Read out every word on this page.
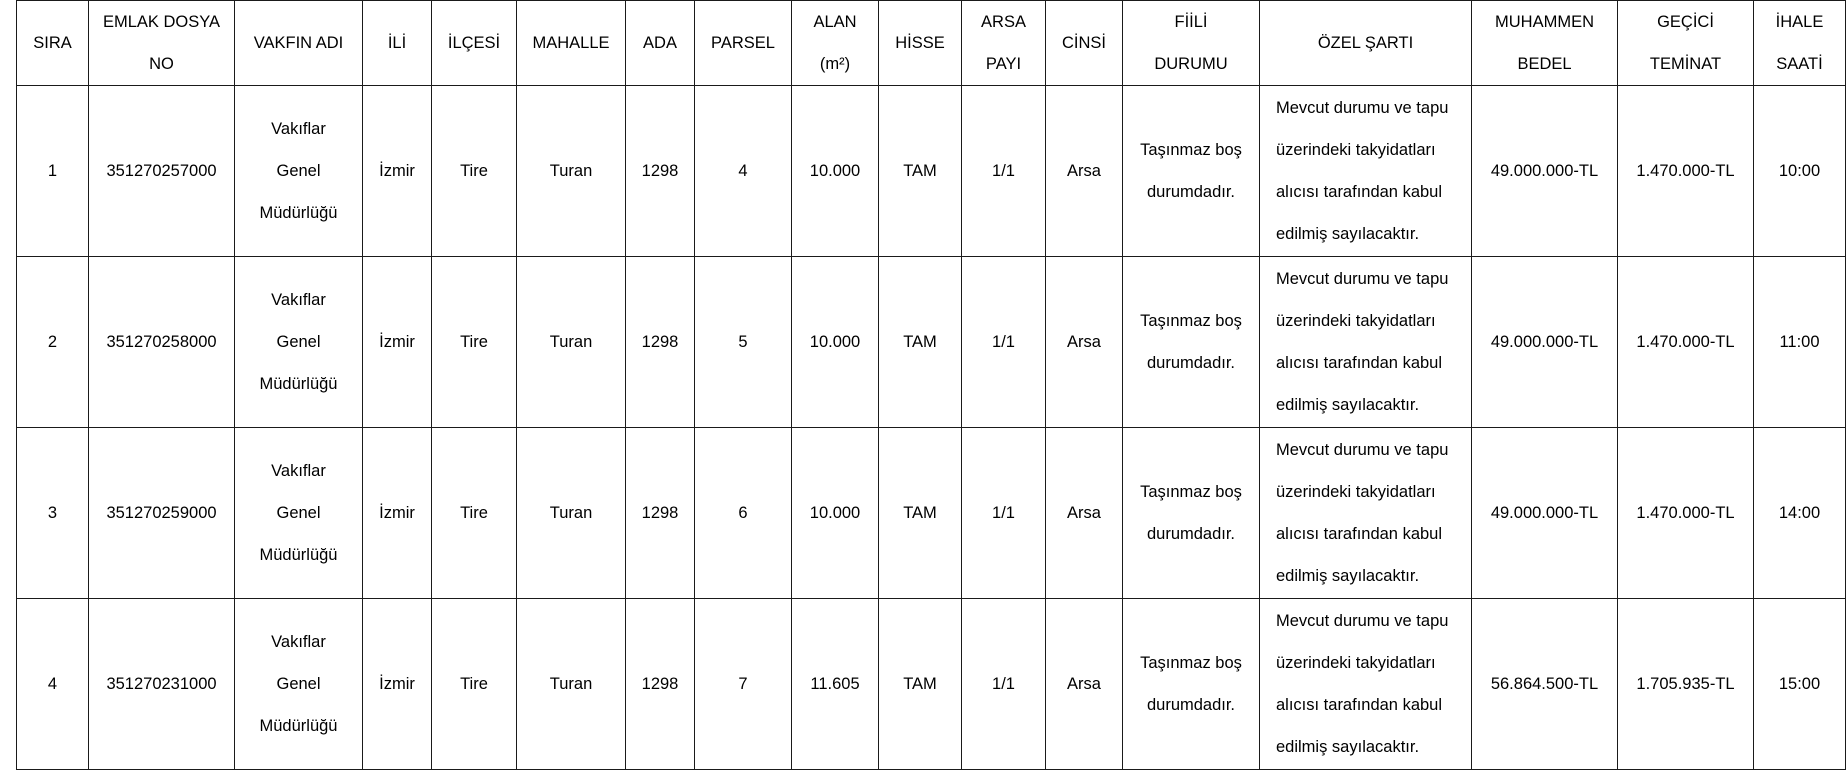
SIRA	EMLAK DOSYA
NO	VAKFIN ADI	İLİ	İLÇESİ	MAHALLE	ADA	PARSEL	ALAN
(m²)	HİSSE	ARSA
PAYI	CİNSİ	FİİLİ
DURUMU	ÖZEL ŞARTI	MUHAMMEN
BEDEL	GEÇİCİ
TEMİNAT	İHALE
SAATİ
1	351270257000	Vakıflar
Genel
Müdürlüğü	İzmir	Tire	Turan	1298	4	10.000	TAM	1/1	Arsa	Taşınmaz boş
durumdadır.	Mevcut durumu ve tapu
üzerindeki takyidatları
alıcısı tarafından kabul
edilmiş sayılacaktır.	49.000.000-TL	1.470.000-TL	10:00
2	351270258000	Vakıflar
Genel
Müdürlüğü	İzmir	Tire	Turan	1298	5	10.000	TAM	1/1	Arsa	Taşınmaz boş
durumdadır.	Mevcut durumu ve tapu
üzerindeki takyidatları
alıcısı tarafından kabul
edilmiş sayılacaktır.	49.000.000-TL	1.470.000-TL	11:00
3	351270259000	Vakıflar
Genel
Müdürlüğü	İzmir	Tire	Turan	1298	6	10.000	TAM	1/1	Arsa	Taşınmaz boş
durumdadır.	Mevcut durumu ve tapu
üzerindeki takyidatları
alıcısı tarafından kabul
edilmiş sayılacaktır.	49.000.000-TL	1.470.000-TL	14:00
4	351270231000	Vakıflar
Genel
Müdürlüğü	İzmir	Tire	Turan	1298	7	11.605	TAM	1/1	Arsa	Taşınmaz boş
durumdadır.	Mevcut durumu ve tapu
üzerindeki takyidatları
alıcısı tarafından kabul
edilmiş sayılacaktır.	56.864.500-TL	1.705.935-TL	15:00
